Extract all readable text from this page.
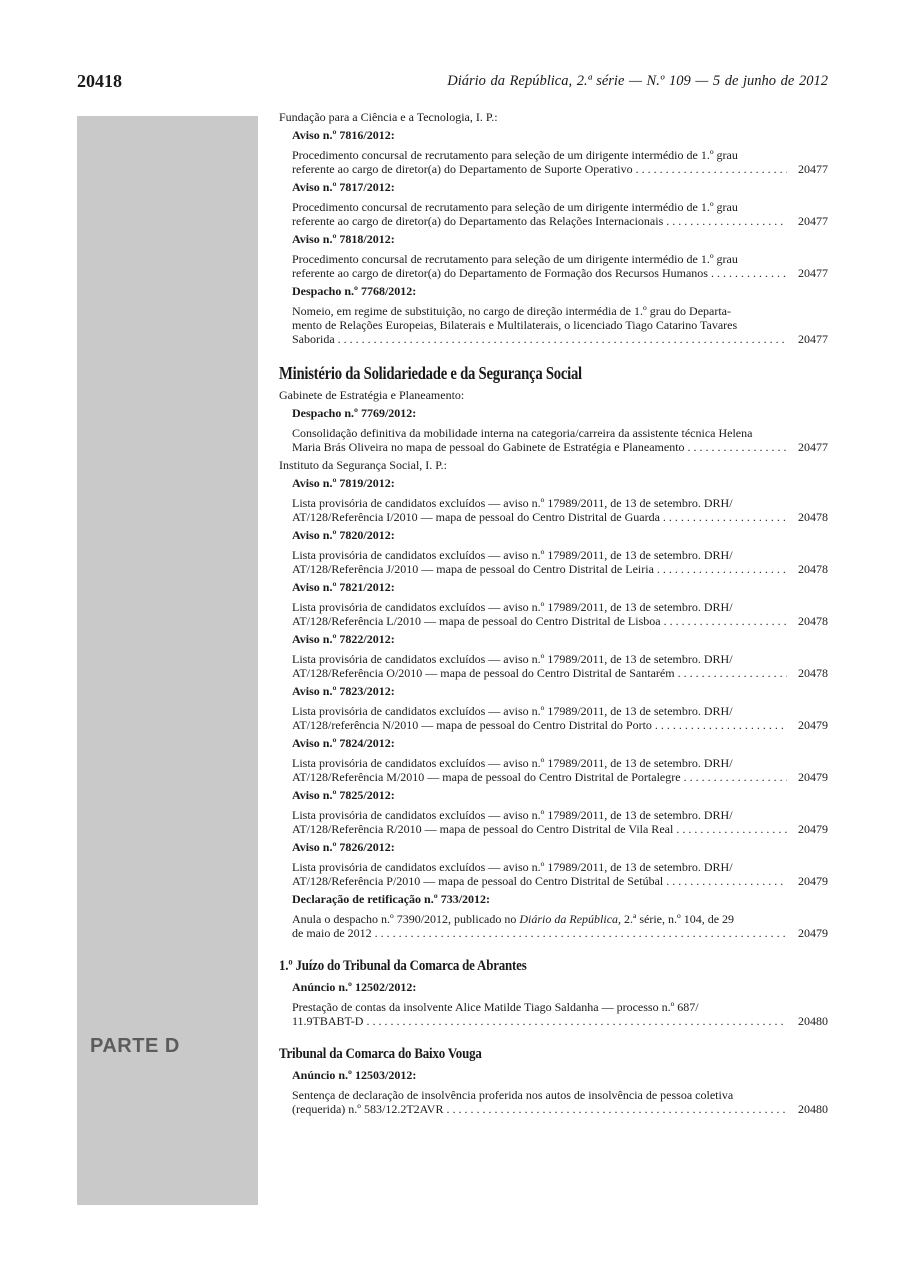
20418	Diário da República, 2.ª série — N.º 109 — 5 de junho de 2012
PARTE D
Fundação para a Ciência e a Tecnologia, I. P.:
Aviso n.º 7816/2012:
Procedimento concursal de recrutamento para seleção de um dirigente intermédio de 1.º grau
referente ao cargo de diretor(a) do Departamento de Suporte Operativo . . .	20477
Aviso n.º 7817/2012:
Procedimento concursal de recrutamento para seleção de um dirigente intermédio de 1.º grau
referente ao cargo de diretor(a) do Departamento das Relações Internacionais . . .	20477
Aviso n.º 7818/2012:
Procedimento concursal de recrutamento para seleção de um dirigente intermédio de 1.º grau
referente ao cargo de diretor(a) do Departamento de Formação dos Recursos Humanos . . .	20477
Despacho n.º 7768/2012:
Nomeio, em regime de substituição, no cargo de direção intermédia de 1.º grau do Departa-
mento de Relações Europeias, Bilaterais e Multilaterais, o licenciado Tiago Catarino Tavares
Saborida . . .	20477
Ministério da Solidariedade e da Segurança Social
Gabinete de Estratégia e Planeamento:
Despacho n.º 7769/2012:
Consolidação definitiva da mobilidade interna na categoria/carreira da assistente técnica Helena
Maria Brás Oliveira no mapa de pessoal do Gabinete de Estratégia e Planeamento . . .	20477
Instituto da Segurança Social, I. P.:
Aviso n.º 7819/2012:
Lista provisória de candidatos excluídos — aviso n.º 17989/2011, de 13 de setembro. DRH/
AT/128/Referência I/2010 — mapa de pessoal do Centro Distrital de Guarda . . .	20478
Aviso n.º 7820/2012:
Lista provisória de candidatos excluídos — aviso n.º 17989/2011, de 13 de setembro. DRH/
AT/128/Referência J/2010 — mapa de pessoal do Centro Distrital de Leiria . . .	20478
Aviso n.º 7821/2012:
Lista provisória de candidatos excluídos — aviso n.º 17989/2011, de 13 de setembro. DRH/
AT/128/Referência L/2010 — mapa de pessoal do Centro Distrital de Lisboa . . .	20478
Aviso n.º 7822/2012:
Lista provisória de candidatos excluídos — aviso n.º 17989/2011, de 13 de setembro. DRH/
AT/128/Referência O/2010 — mapa de pessoal do Centro Distrital de Santarém . . .	20478
Aviso n.º 7823/2012:
Lista provisória de candidatos excluídos — aviso n.º 17989/2011, de 13 de setembro. DRH/
AT/128/referência N/2010 — mapa de pessoal do Centro Distrital do Porto . . .	20479
Aviso n.º 7824/2012:
Lista provisória de candidatos excluídos — aviso n.º 17989/2011, de 13 de setembro. DRH/
AT/128/Referência M/2010 — mapa de pessoal do Centro Distrital de Portalegre . . .	20479
Aviso n.º 7825/2012:
Lista provisória de candidatos excluídos — aviso n.º 17989/2011, de 13 de setembro. DRH/
AT/128/Referência R/2010 — mapa de pessoal do Centro Distrital de Vila Real . . .	20479
Aviso n.º 7826/2012:
Lista provisória de candidatos excluídos — aviso n.º 17989/2011, de 13 de setembro. DRH/
AT/128/Referência P/2010 — mapa de pessoal do Centro Distrital de Setúbal . . .	20479
Declaração de retificação n.º 733/2012:
Anula o despacho n.º 7390/2012, publicado no Diário da República, 2.ª série, n.º 104, de 29
de maio de 2012 . . .	20479
1.º Juízo do Tribunal da Comarca de Abrantes
Anúncio n.º 12502/2012:
Prestação de contas da insolvente Alice Matilde Tiago Saldanha — processo n.º 687/
11.9TBABT-D . . .	20480
Tribunal da Comarca do Baixo Vouga
Anúncio n.º 12503/2012:
Sentença de declaração de insolvência proferida nos autos de insolvência de pessoa coletiva
(requerida) n.º 583/12.2T2AVR . . .	20480
